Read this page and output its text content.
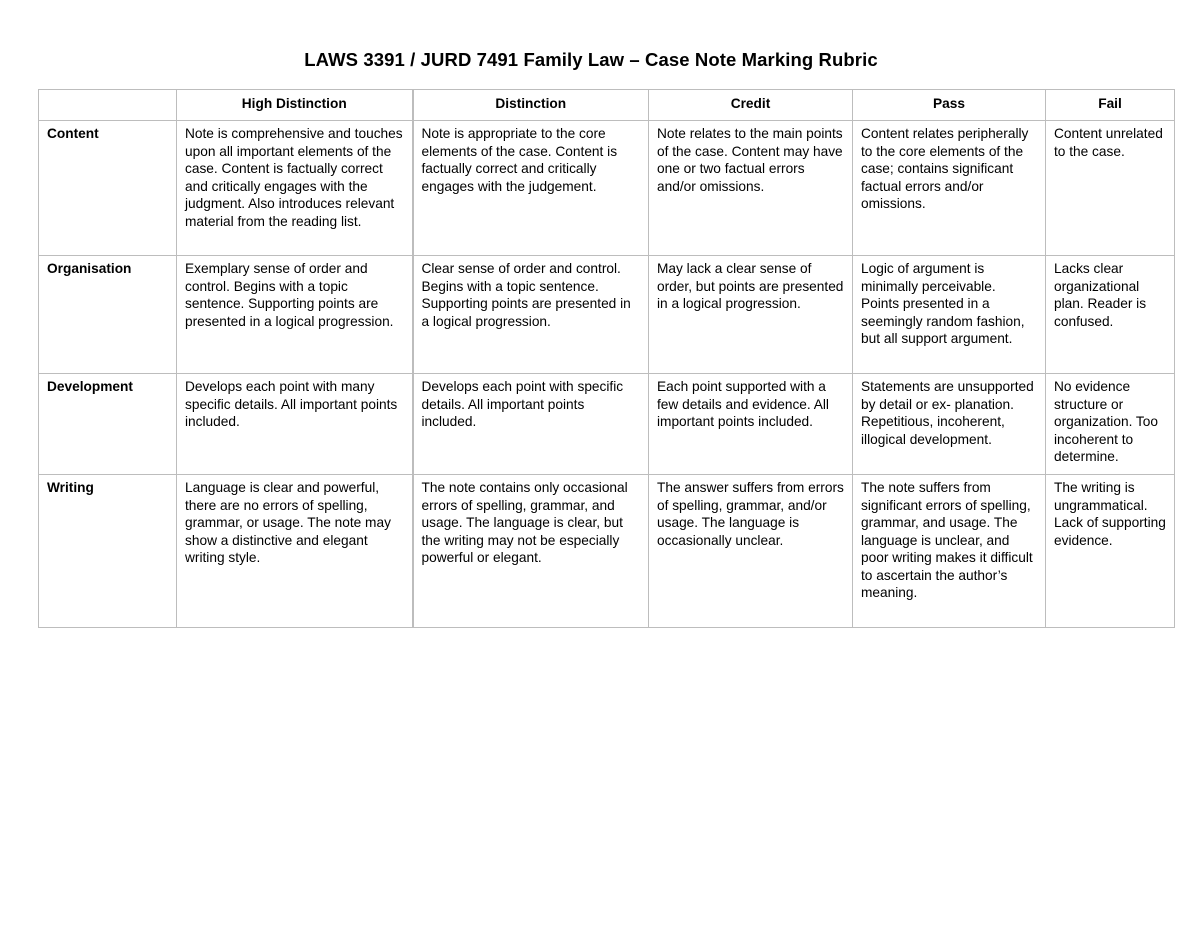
LAWS 3391 / JURD 7491 Family Law – Case Note Marking Rubric
	High Distinction	Distinction	Credit	Pass	Fail
Content	Note is comprehensive and touches upon all important elements of the case. Content is factually correct and critically engages with the judgment. Also introduces relevant material from the reading list.	Note is appropriate to the core elements of the case. Content is factually correct and critically engages with the judgement.	Note relates to the main points of the case. Content may have one or two factual errors and/or omissions.	Content relates peripherally to the core elements of the case; contains significant factual errors and/or omissions.	Content unrelated to the case.
Organisation	Exemplary sense of order and control. Begins with a topic sentence. Supporting points are presented in a logical progression.	Clear sense of order and control. Begins with a topic sentence. Supporting points are presented in a logical progression.	May lack a clear sense of order, but points are presented in a logical progression.	Logic of argument is minimally perceivable. Points presented in a seemingly random fashion, but all support argument.	Lacks clear organizational plan. Reader is confused.
Development	Develops each point with many specific details. All important points included.	Develops each point with specific details. All important points included.	Each point supported with a few details and evidence. All important points included.	Statements are unsupported by detail or ex- planation. Repetitious, incoherent, illogical development.	No evidence structure or organization. Too incoherent to determine.
Writing	Language is clear and powerful, there are no errors of spelling, grammar, or usage. The note may show a distinctive and elegant writing style.	The note contains only occasional errors of spelling, grammar, and usage. The language is clear, but the writing may not be especially powerful or elegant.	The answer suffers from errors of spelling, grammar, and/or usage. The language is occasionally unclear.	The note suffers from significant errors of spelling, grammar, and usage. The language is unclear, and poor writing makes it difficult to ascertain the author’s meaning.	The writing is ungrammatical. Lack of supporting evidence.
